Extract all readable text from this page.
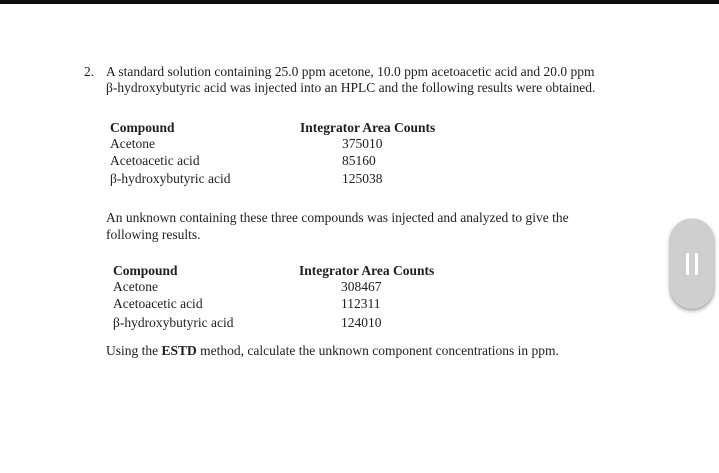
2. A standard solution containing 25.0 ppm acetone, 10.0 ppm acetoacetic acid and 20.0 ppm
β-hydroxybutyric acid was injected into an HPLC and the following results were obtained.
Compound	Integrator Area Counts
Acetone	375010
Acetoacetic acid	85160
β-hydroxybutyric acid	125038
An unknown containing these three compounds was injected and analyzed to give the
following results.
Compound	Integrator Area Counts
Acetone	308467
Acetoacetic acid	112311
β-hydroxybutyric acid	124010
Using the ESTD method, calculate the unknown component concentrations in ppm.
